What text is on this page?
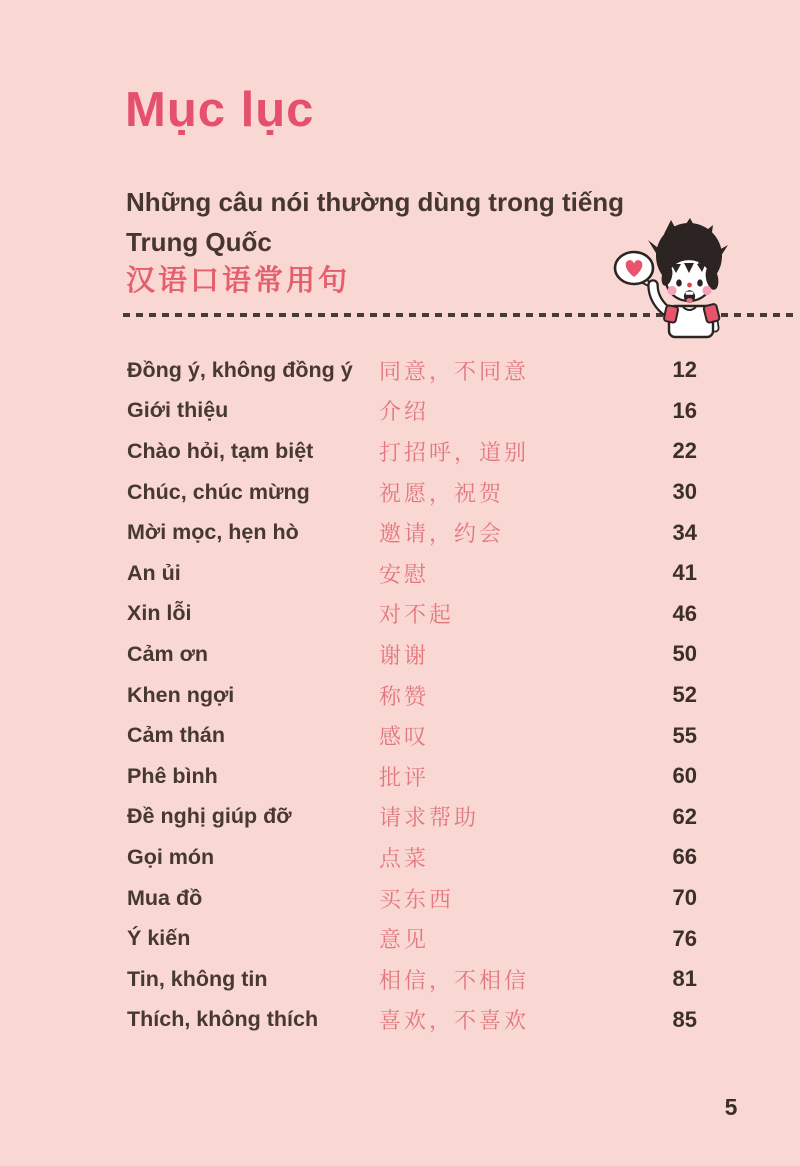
Mục lục
Những câu nói thường dùng trong tiếng Trung Quốc
汉语口语常用句
Đồng ý, không đồng ý	同意，不同意	12
Giới thiệu	介绍	16
Chào hỏi, tạm biệt	打招呼，道别	22
Chúc, chúc mừng	祝愿，祝贺	30
Mời mọc, hẹn hò	邀请，约会	34
An ủi	安慰	41
Xin lỗi	对不起	46
Cảm ơn	谢谢	50
Khen ngợi	称赞	52
Cảm thán	感叹	55
Phê bình	批评	60
Đề nghị giúp đỡ	请求帮助	62
Gọi món	点菜	66
Mua đồ	买东西	70
Ý kiến	意见	76
Tin, không tin	相信，不相信	81
Thích, không thích	喜欢，不喜欢	85
5
